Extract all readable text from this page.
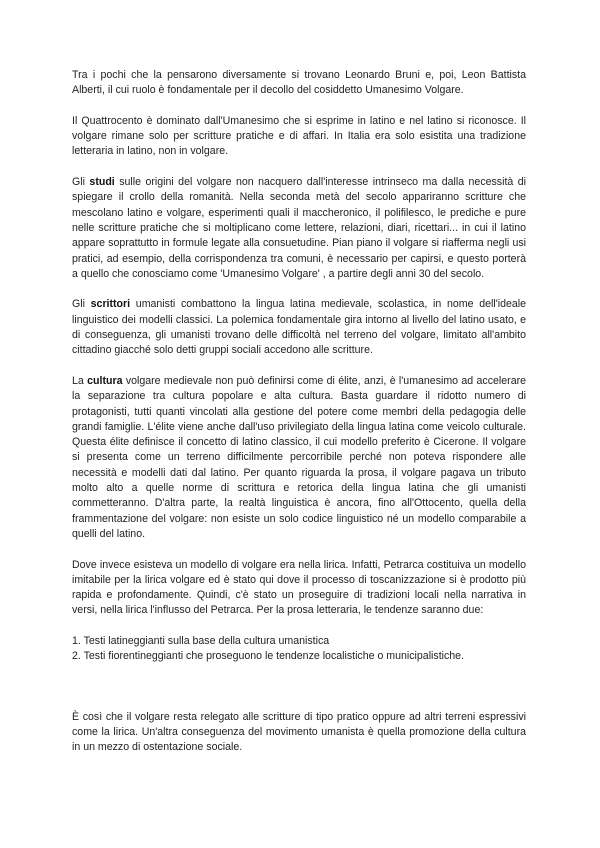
Tra i pochi che la pensarono diversamente si trovano Leonardo Bruni e, poi, Leon Battista Alberti, il cui ruolo è fondamentale per il decollo del cosiddetto Umanesimo Volgare.

Il Quattrocento è dominato dall'Umanesimo che si esprime in latino e nel latino si riconosce. Il volgare rimane solo per scritture pratiche e di affari. In Italia era solo esistita una tradizione letteraria in latino, non in volgare.

Gli studi sulle origini del volgare non nacquero dall'interesse intrinseco ma dalla necessità di spiegare il crollo della romanità. Nella seconda metà del secolo appariranno scritture che mescolano latino e volgare, esperimenti quali il maccheronico, il polifilesco, le prediche e pure nelle scritture pratiche che si moltiplicano come lettere, relazioni, diari, ricettari... in cui il latino appare soprattutto in formule legate alla consuetudine. Pian piano il volgare si riafferma negli usi pratici, ad esempio, della corrispondenza tra comuni, è necessario per capirsi, e questo porterà a quello che conosciamo come 'Umanesimo Volgare' , a partire degli anni 30 del secolo.

Gli scrittori umanisti combattono la lingua latina medievale, scolastica, in nome dell'ideale linguistico dei modelli classici. La polemica fondamentale gira intorno al livello del latino usato, e di conseguenza, gli umanisti trovano delle difficoltà nel terreno del volgare, limitato all'ambito cittadino giacché solo detti gruppi sociali accedono alle scritture.

La cultura volgare medievale non può definirsi come di élite, anzi, è l'umanesimo ad accelerare la separazione tra cultura popolare e alta cultura. Basta guardare il ridotto numero di protagonisti, tutti quanti vincolati alla gestione del potere come membri della pedagogia delle grandi famiglie. L'élite viene anche dall'uso privilegiato della lingua latina come veicolo culturale. Questa élite definisce il concetto di latino classico, il cui modello preferito è Cicerone. Il volgare si presenta come un terreno difficilmente percorribile perché non poteva rispondere alle necessità e modelli dati dal latino. Per quanto riguarda la prosa, il volgare pagava un tributo molto alto a quelle norme di scrittura e retorica della lingua latina che gli umanisti commetteranno. D'altra parte, la realtà linguistica è ancora, fino all'Ottocento, quella della frammentazione del volgare: non esiste un solo codice linguistico né un modello comparabile a quelli del latino.

Dove invece esisteva un modello di volgare era nella lirica. Infatti, Petrarca costituiva un modello imitabile per la lirica volgare ed è stato qui dove il processo di toscanizzazione si è prodotto più rapida e profondamente. Quindi, c'è stato un proseguire di tradizioni locali nella narrativa in versi, nella lirica l'influsso del Petrarca. Per la prosa letteraria, le tendenze saranno due:

1. Testi latineggianti sulla base della cultura umanistica
2. Testi fiorentineggianti che proseguono le tendenze localistiche o municipalistiche.

È così che il volgare resta relegato alle scritture di tipo pratico oppure ad altri terreni espressivi come la lirica. Un'altra conseguenza del movimento umanista è quella promozione della cultura in un mezzo di ostentazione sociale.
